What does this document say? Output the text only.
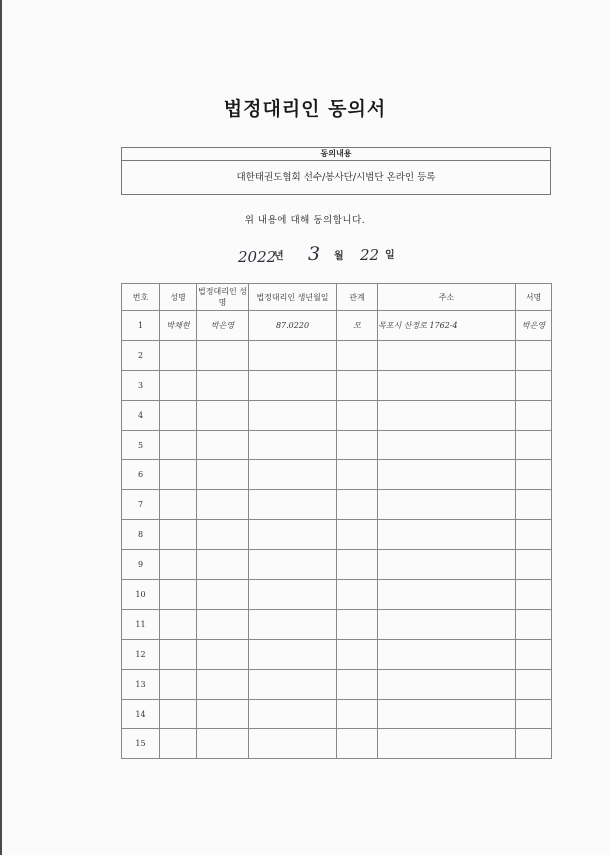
법정대리인 동의서
동의내용
대한태권도협회 선수/봉사단/시범단 온라인 등록
위 내용에 대해 동의합니다.
2022
년 3 월 22 일
번호	성명	법정대리인 성명	법정대리인 생년월일	관계	주소	서명
1	박채현	박은영	87.0220	모	목포시 산정로 1762-4	박은영
2						
3						
4						
5						
6						
7						
8						
9						
10						
11						
12						
13						
14						
15						
